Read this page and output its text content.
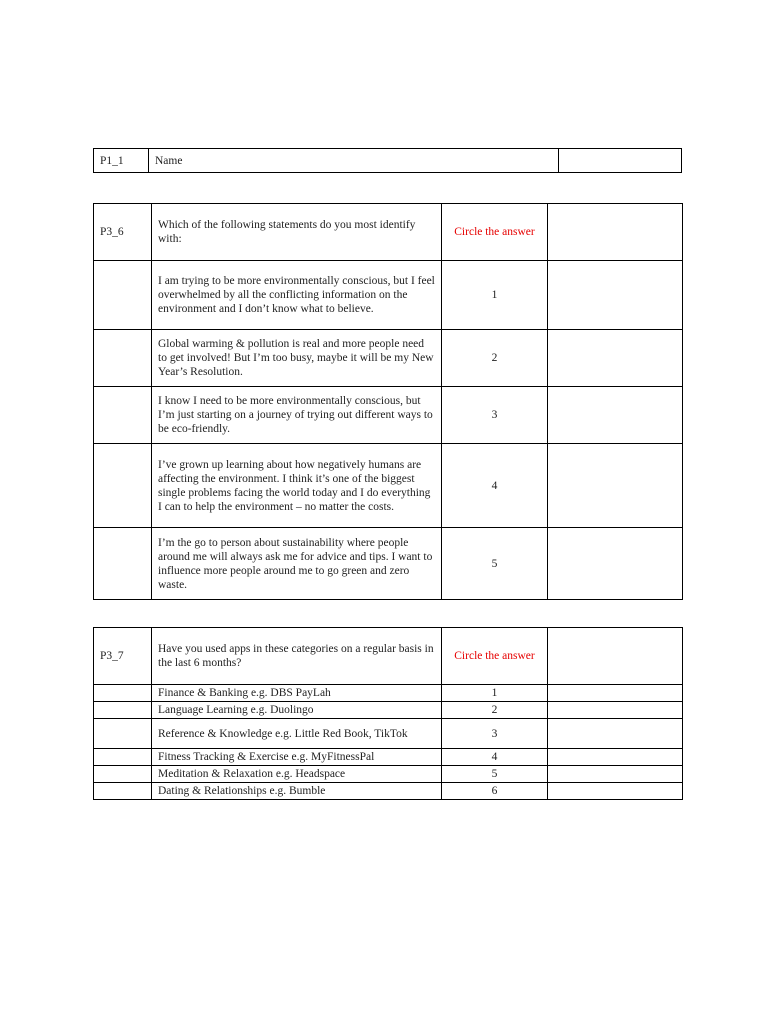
P1_1	Name	
P3_6	Which of the following statements do you most identify with:	Circle the answer	
	I am trying to be more environmentally conscious, but I feel overwhelmed by all the conflicting information on the environment and I don’t know what to believe.	1	
	Global warming & pollution is real and more people need to get involved! But I’m too busy, maybe it will be my New Year’s Resolution.	2	
	I know I need to be more environmentally conscious, but I’m just starting on a journey of trying out different ways to be eco-friendly.	3	
	I’ve grown up learning about how negatively humans are affecting the environment. I think it’s one of the biggest single problems facing the world today and I do everything I can to help the environment – no matter the costs.	4	
	I’m the go to person about sustainability where people around me will always ask me for advice and tips. I want to influence more people around me to go green and zero waste.	5	
P3_7	Have you used apps in these categories on a regular basis in the last 6 months?	Circle the answer	
	Finance & Banking e.g. DBS PayLah	1	
	Language Learning e.g. Duolingo	2	
	Reference & Knowledge e.g. Little Red Book, TikTok	3	
	Fitness Tracking & Exercise e.g. MyFitnessPal	4	
	Meditation & Relaxation e.g. Headspace	5	
	Dating & Relationships e.g. Bumble	6	
